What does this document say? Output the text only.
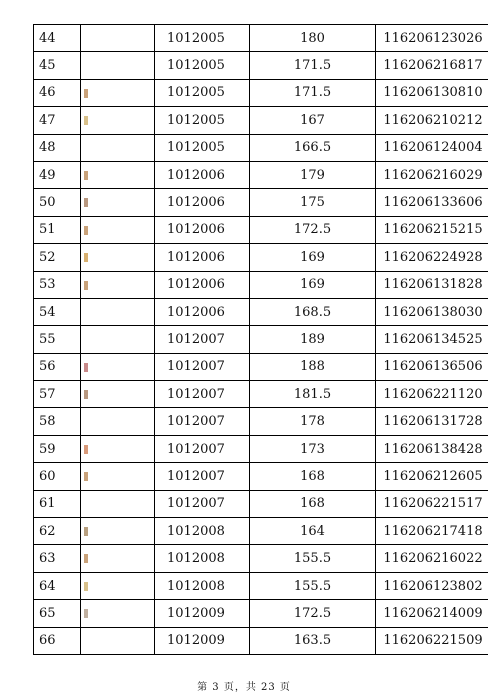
44		1012005	180	116206123026
45		1012005	171.5	116206216817
46		1012005	171.5	116206130810
47		1012005	167	116206210212
48		1012005	166.5	116206124004
49		1012006	179	116206216029
50		1012006	175	116206133606
51		1012006	172.5	116206215215
52		1012006	169	116206224928
53		1012006	169	116206131828
54		1012006	168.5	116206138030
55		1012007	189	116206134525
56		1012007	188	116206136506
57		1012007	181.5	116206221120
58		1012007	178	116206131728
59		1012007	173	116206138428
60		1012007	168	116206212605
61		1012007	168	116206221517
62		1012008	164	116206217418
63		1012008	155.5	116206216022
64		1012008	155.5	116206123802
65		1012009	172.5	116206214009
66		1012009	163.5	116206221509
第 3 页，共 23 页
